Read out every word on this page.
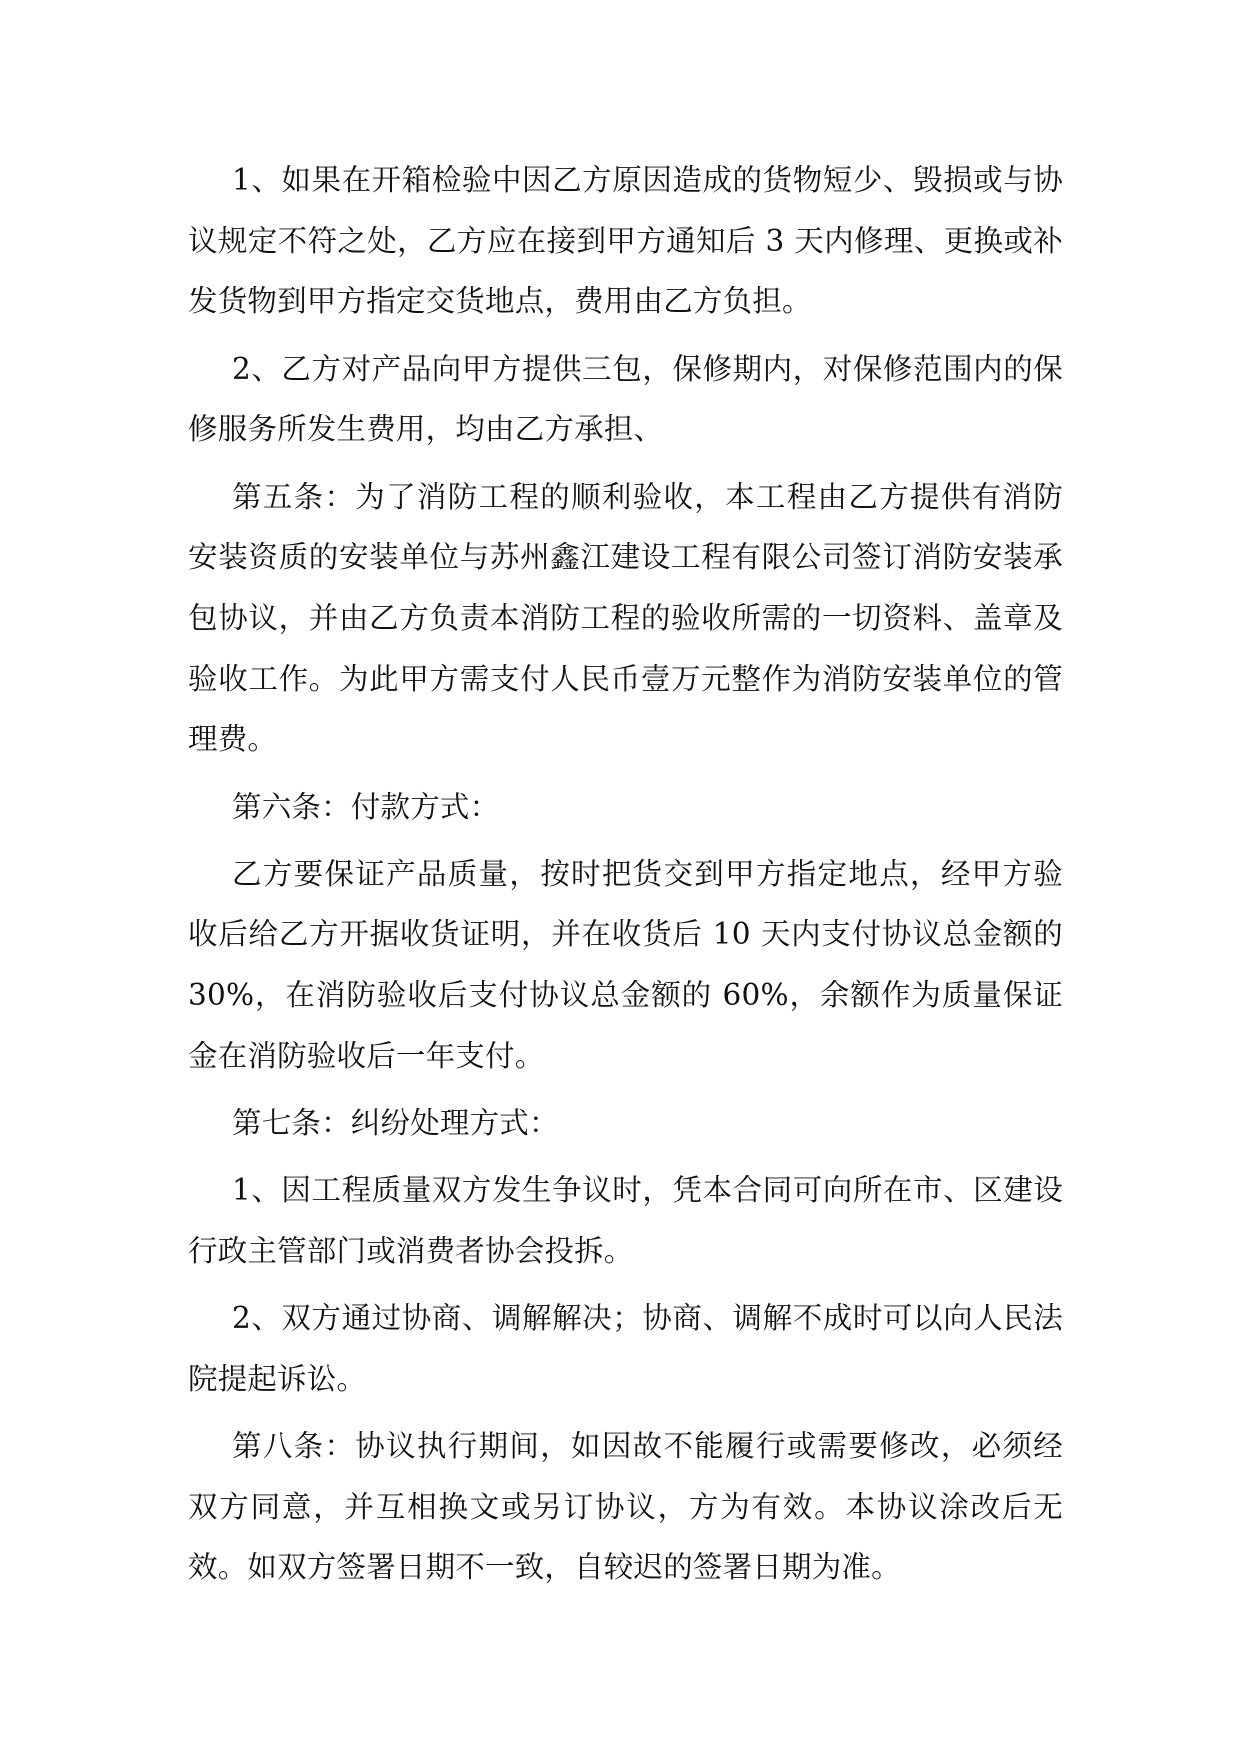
1、如果在开箱检验中因乙方原因造成的货物短少、毁损或与协议规定不符之处，乙方应在接到甲方通知后 3 天内修理、更换或补发货物到甲方指定交货地点，费用由乙方负担。

2、乙方对产品向甲方提供三包，保修期内，对保修范围内的保修服务所发生费用，均由乙方承担、

第五条：为了消防工程的顺利验收，本工程由乙方提供有消防安装资质的安装单位与苏州鑫江建设工程有限公司签订消防安装承包协议，并由乙方负责本消防工程的验收所需的一切资料、盖章及验收工作。为此甲方需支付人民币壹万元整作为消防安装单位的管理费。

第六条：付款方式：

乙方要保证产品质量，按时把货交到甲方指定地点，经甲方验收后给乙方开据收货证明，并在收货后 10 天内支付协议总金额的 30%，在消防验收后支付协议总金额的 60%，余额作为质量保证金在消防验收后一年支付。

第七条：纠纷处理方式：

1、因工程质量双方发生争议时，凭本合同可向所在市、区建设行政主管部门或消费者协会投拆。

2、双方通过协商、调解解决；协商、调解不成时可以向人民法院提起诉讼。

第八条：协议执行期间，如因故不能履行或需要修改，必须经双方同意，并互相换文或另订协议，方为有效。本协议涂改后无效。如双方签署日期不一致，自较迟的签署日期为准。
